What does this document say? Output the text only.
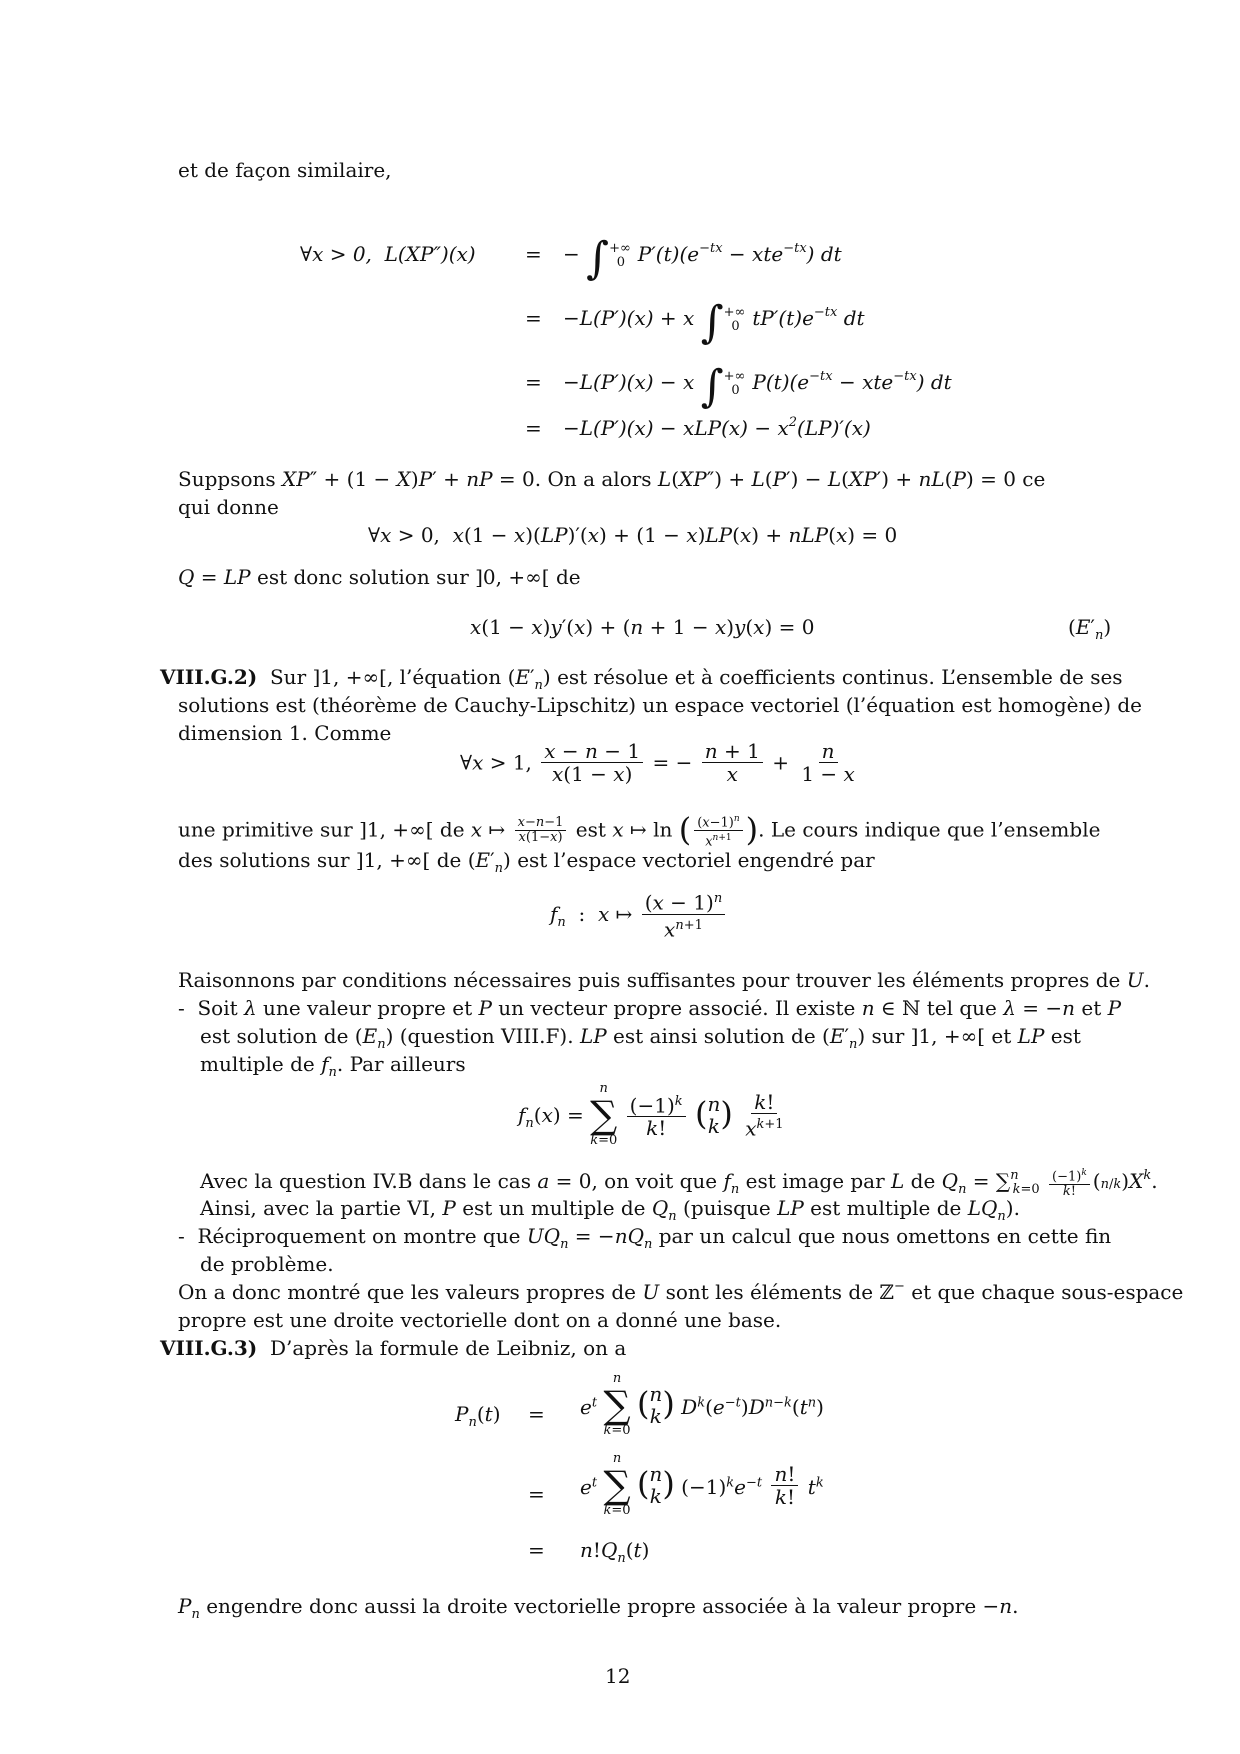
et de façon similaire,
∀x > 0,  L(XP″)(x) = − $\int^{+\infty}_0$ $P'(t)(e^{-tx} - xte^{-tx})$ dt
= −L(P′)(x) + x $\int^{+\infty}_0$ $tP'(t)e^{-tx}$ dt
= −L(P′)(x) − x $\int^{+\infty}_0$ $P(t)(e^{-tx} - xte^{-tx})$ dt
= $-L(P')(x) - xLP(x) - x^2(LP)'(x)$
Suppsons XP″ + (1 − X)P′ + nP = 0. On a alors L(XP″) + L(P′) − L(XP′) + nL(P) = 0 ce
qui donne
∀x > 0,  x(1 − x)(LP)′(x) + (1 − x)LP(x) + nLP(x) = 0
Q = LP est donc solution sur ]0, +∞[ de
x(1 − x)y′(x) + (n + 1 − x)y(x) = 0	$(E'_n)$
VIII.G.2)  Sur ]1, +∞[, l’équation $(E'_n)$ est résolue et à coefficients continus. L’ensemble de ses
solutions est (théorème de Cauchy-Lipschitz) un espace vectoriel (l’équation est homogène) de
dimension 1. Comme
∀x > 1, $\frac{x - n - 1}{x(1 - x)}$ = − $\frac{n + 1}{x} + \frac{n}{1 - x}$
une primitive sur ]1, +∞[ de x ↦ $\frac{x-n-1}{x(1-x)}$ est x ↦ ln ( $\frac{(x-1)^n}{x^{n+1}}$ ). Le cours indique que l’ensemble
des solutions sur ]1, +∞[ de $(E'_n)$ est l’espace vectoriel engendré par
$f_n$  :  x ↦ $\frac{(x - 1)^n}{x^{n+1}}$
Raisonnons par conditions nécessaires puis suffisantes pour trouver les éléments propres de U.
-  Soit λ une valeur propre et P un vecteur propre associé. Il existe n ∈ ℕ tel que λ = −n et P
est solution de $(E_n)$ (question VIII.F). LP est ainsi solution de $(E'_n)$ sur ]1, +∞[ et LP est
multiple de $f_n$. Par ailleurs
$f_n(x)$ =
n
∑
k=0

$\frac{(-1)^k}{k!}$ ( n
k ) $\frac{k!}{x^{k+1}}$
Avec la question IV.B dans le cas a = 0, on voit que $f_n$ est image par L de $Q_n = \sum^n_{k=0} \frac{(-1)^k}{k!} (n/k)X^k$.
Ainsi, avec la partie VI, P est un multiple de $Q_n$ (puisque LP est multiple de $LQ_n$).
-  Réciproquement on montre que $UQ_n = -nQ_n$ par un calcul que nous omettons en cette fin
de problème.
On a donc montré que les valeurs propres de U sont les éléments de ℤ− et que chaque sous-espace
propre est une droite vectorielle dont on a donné une base.
VIII.G.3) D’après la formule de Leibniz, on a
$P_n(t) = e^t$
n
∑
k=0
( n
k ) $D^k(e^{-t})D^{n-k}(t^n)$
= $e^t$
n
∑
k=0
( n
k ) $(-1)^ke^{-t} \frac{n!}{k!} t^k$
= $n!Q_n(t)$
$P_n$ engendre donc aussi la droite vectorielle propre associée à la valeur propre −n.
12
